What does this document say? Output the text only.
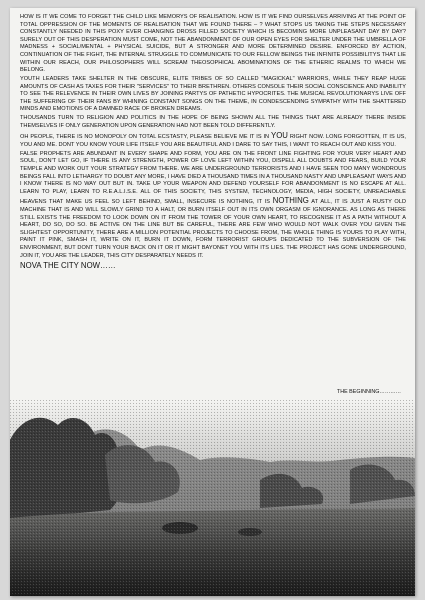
HOW IS IT WE COME TO FORGET THE CHILD LIKE MEMORYS OF REALISATION. HOW IS IT WE FIND OURSELVES ARRIVING AT THE POINT OF TOTAL OPPRESSION OF THE MOMENTS OF REALISATION THAT WE FOUND THERE – ? WHAT STOPS US TAKING THE STEPS NECESSARY CONSTANTLY NEEDED IN THIS POXY EVER CHANGING DROSS FILLED SOCIETY WHICH IS BECOMING MORE UNPLEASANT DAY BY DAY? SURELY OUT OF THIS DESPERATION MUST COME, NOT THE ABANDONMENT OF OUR OPEN EYES FOR SHELTER UNDER THE UMBRELLA OF MADNESS + SOCIAL/MENTAL + PHYSICAL SUICIDE, BUT A STRONGER AND MORE DETERMINED DESIRE. ENFORCED BY ACTION, CONTINUATION OF THE FIGHT, THE INTERNAL STRUGGLE TO COMMUNICATE TO OUR FELLOW BEINGS THE INFINITE POSSIBILITYS THAT LIE WITHIN OUR REACH, OUR PHILOSOPHERS WILL SCREAM THEOSOPHICAL ABOMINATIONS OF THE ETHERIC REALMS TO WHICH WE BELONG.

YOUTH LEADERS TAKE SHELTER IN THE OBSCURE, ELITE TRIBES OF SO CALLED "MAGICKAL" WARRIORS, WHILE THEY REAP HUGE AMOUNTS OF CASH AS TAXES FOR THEIR "SERVICES" TO THEIR BRETHREN. OTHERS CONSOLE THEIR SOCIAL CONSCIENCE AND INABILITY TO SEE THE RELEVENCE IN THEIR OWN LIVES BY JOINING PARTYS OF PATHETIC HYPOCRITES. THE MUSICAL REVOLUTIONARYS LIVE OFF THE SUFFERING OF THEIR FANS BY WHINING CONSTANT SONGS ON THE THEME, IN CONDESCENDING SYMPATHY WITH THE SHATTERED MINDS AND EMOTIONS OF A DAMNED RACE OF BROKEN DREAMS.

THOUSANDS TURN TO RELIGION AND POLITICS IN THE HOPE OF BEING SHOWN ALL THE THINGS THAT ARE ALREADY THERE INSIDE THEMSELVES IF ONLY GENERATION UPON GENERATION HAD NOT BEEN TOLD DIFFERENTLY.

OH PEOPLE, THERE IS NO MONOPOLY ON TOTAL ECSTASTY, PLEASE BELIEVE ME IT IS IN YOU RIGHT NOW. LONG FORGOTTEN, IT IS US, YOU AND ME. DONT YOU KNOW YOUR LIFE ITSELF YOU ARE BEAUTIFUL AND I DARE TO SAY THIS, I WANT TO REACH OUT AND KISS YOU.

FALSE PROPHETS ARE ABUNDANT IN EVERY SHAPE AND FORM, YOU ARE ON THE FRONT LINE FIGHTING FOR YOUR VERY HEART AND SOUL, DON'T LET GO, IF THERE IS ANY STRENGTH, POWER OF LOVE LEFT WITHIN YOU, DISPELL ALL DOUBTS AND FEARS, BUILD YOUR TEMPLE AND WORK OUT YOUR STRATEGY FROM THERE. WE ARE UNDERGROUND TERRORISTS AND I HAVE SEEN TOO MANY WONDROUS BEINGS FALL INTO LETHARGY TO DOUBT ANY MORE, I HAVE DIED A THOUSAND TIMES IN A THOUSAND NASTY AND UNPLEASANT WAYS AND I KNOW THERE IS NO WAY OUT BUT IN. TAKE UP YOUR WEAPON AND DEFEND YOURSELF FOR ABANDONMENT IS NO ESCAPE AT ALL. LEARN TO PLAY, LEARN TO R.E.A.L.I.S.E. ALL OF THIS SOCIETY, THIS SYSTEM, TECHNOLOGY, MEDIA, HIGH SOCIETY, UNREACHABLE HEAVENS THAT MAKE US FEEL SO LEFT BEHIND, SMALL, INSECURE IS NOTHING, IT IS NOTHING AT ALL, IT IS JUST A RUSTY OLD MACHINE THAT IS AND WILL SLOWLY GRIND TO A HALT, OR BURN ITSELF OUT IN ITS OWN ORGASM OF IGNORANCE. AS LONG AS THERE STILL EXISTS THE FREEDOM TO LOOK DOWN ON IT FROM THE TOWER OF YOUR OWN HEART, TO RECOGNISE IT AS A PATH WITHOUT A HEART, DO SO, DO SO. BE ACTIVE ON THE LINE BUT BE CAREFUL, THERE ARE FEW WHO WOULD NOT WALK OVER YOU GIVEN THE SLIGHTEST OPPORTUNITY, THERE ARE A MILLION POTENTIAL PROJECTS TO CHOOSE FROM, THE WHOLE THING IS YOURS TO PLAY WITH, PAINT IT PINK, SMASH IT, WRITE ON IT, BURN IT DOWN, FORM TERRORIST GROUPS DEDICATED TO THE SUBVERSION OF THE ENVIRONMENT, BUT DONT TURN YOUR BACK ON IT OR IT MIGHT BAYONET YOU WITH ITS LIES. THE PROJECT HAS GONE UNDERGROUND, JOIN IT, YOU ARE THE LEADER, THIS CITY DESPARATELY NEEDS IT.

NOVA THE CITY NOW……

THE BEGINNING…………
